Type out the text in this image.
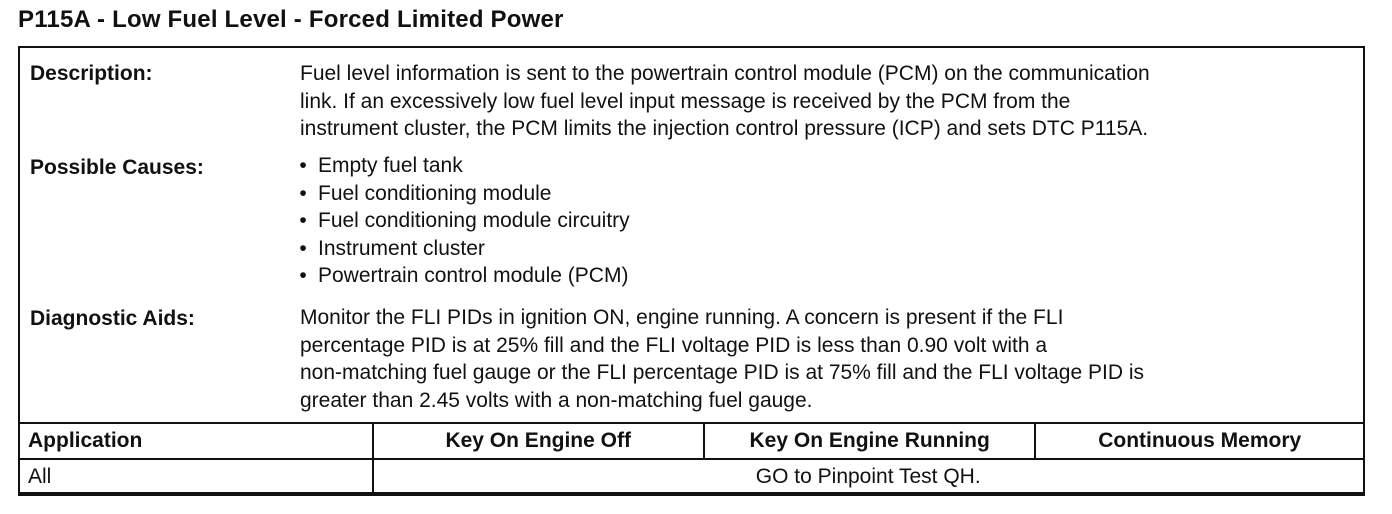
P115A - Low Fuel Level - Forced Limited Power
Description:	Fuel level information is sent to the powertrain control module (PCM) on the communication
link. If an excessively low fuel level input message is received by the PCM from the
instrument cluster, the PCM limits the injection control pressure (ICP) and sets DTC P115A.
Possible Causes:	• Empty fuel tank
• Fuel conditioning module
• Fuel conditioning module circuitry
• Instrument cluster
• Powertrain control module (PCM)
Diagnostic Aids:	Monitor the FLI PIDs in ignition ON, engine running. A concern is present if the FLI
percentage PID is at 25% fill and the FLI voltage PID is less than 0.90 volt with a
non-matching fuel gauge or the FLI percentage PID is at 75% fill and the FLI voltage PID is
greater than 2.45 volts with a non-matching fuel gauge.
Application	Key On Engine Off	Key On Engine Running	Continuous Memory
All	GO to Pinpoint Test QH.		
